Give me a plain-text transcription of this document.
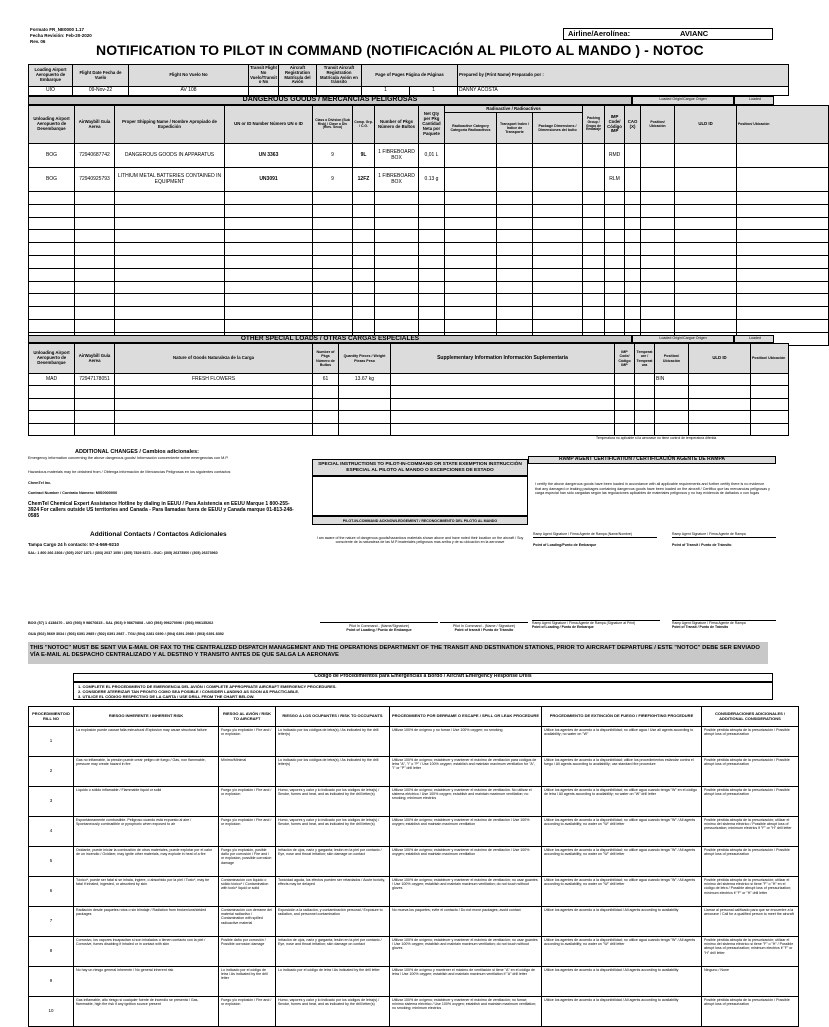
Formato FR_NE0000 1.17
Fecha Revisión: Feb-20-2020
Rev. 06
Airline/Aerolínea:	AVIANC
NOTIFICATION TO PILOT IN COMMAND (NOTIFICACIÓN AL PILOTO AL MANDO ) - NOTOC
Loading Airport Aeropuerto de Embarque	Flight Date Fecha de Vuelo	Flight No Vuelo No	Transit Flight No Vuelo/Transito No	Aircraft Registration Matrícula del Avión	Transit Aircraft Registration Matrícula Avión en tránsito	Page of Pages Página de Páginas		Prepared by (Print Name) Preparado por :
UIO	09-Nov-22	AV 108				1	1	DANNY ACOSTA
DANGEROUS GOODS / MERCANCIAS PELIGROSAS	Loaded Origin/Cargue Origen	Loaded
Unloading Airport Aeropuerto de Desembarque	AirWaybill Guía Aerea	Proper Shipping Name / Nombre Apropiado de Expedición	UN or ID Number Número UN o ID	Class o Division (Sub Risk) / Clase o Div (Ries. Secu)	Comp. Grp. / C.G.	Number of Pkgs Número de Bultos	Net Qty per Pkg Cantidad Neta por Paquete	Radioactive / Radioactivos			Packing Group / Grupo de Embalaje	IMP Code/ Código IMP	CAO (X)	Position/ Ubicación	ULD ID	Position/ Ubicación
								Radioactive Category Categoría Radioactivos	Transport Index / Índice de Transporte	Package Dimensions / Dimensiones del bulto						
BOG	72940687742	DANGEROUS GOODS IN APPARATUS	UN 3363	9	9L	1 FIBREBOARD BOX	0,01 L					RMD				
BOG	72940925793	LITHIUM METAL BATTERIES CONTAINED IN EQUIPMENT	UN3091	9	12FZ	1 FIBREBOARD BOX	0.13 g					RLM				

OTHER SPECIAL LOADS / OTRAS CARGAS ESPECIALES	Loaded Origin/Cargue Origen	Loaded
Unloading Airport Aeropuerto de Desembarque	AirWaybill Guía Aerea	Nature of Goods Naturaleza de la Carga	Number of Pkgs Número de Bultos	Quantity Pieces / Weight Piezas Peso	Supplementary Information Información Suplementaria	IMP Code/ Código IMP	Temperature / Temperatura	Position/ Ubicación	ULD ID	Position/ Ubicación
MAD	72947178051	FRESH FLOWERS	61	13.67 kg				BIN		

Temperatura no aplicable si la aeronave no tiene control de temperatura diferida
ADDITIONAL CHANGES / Cambios adicionales:
Emergency information concerning the above dangerous goods/ Información concerniente sobre emergencias con M.P.
Hazardous materials may be obtained from / Obtenga información de Mercancías Peligrosas en los siguientes contactos
ChemTel Inc.
Contract Number / Contrato Número: MIS0000000
ChemTel Chemical Expert Assistance Hotline by dialing in EEUU / Para Asistencia en EEUU Marque 1 800-255-3924 For callers outside US territories and Canada - Para llamadas fuera de EEUU y Canada marque 01-813-248-0585
Additional Contacts / Contactos Adicionales
Tampa Cargo 24 h contacto: 57-4-569-9210
SAL: 1 800 266 2308 / (305) 2027 1871 / (303) 2037 1050 / (305) 7829 8372 - GUC: (305) 26373500 / (305) 26373960
SPECIAL INSTRUCTIONS TO PILOT-IN-COMMAND OR STATE EXEMPTION INSTRUCCIÓN ESPECIAL AL PILOTO AL MANDO O EXCEPCIONES DE ESTADO
PILOT-IN-COMMAND ACKNOWLEDGEMENT / RECONOCIMIENTO DEL PILOTO AL MANDO
I am aware of the nature of dangerous goods/hazardous materials shown above and have noted their location on the aircraft / Soy consciente de la naturaleza de las M.P./materiales peligrosos mas arriba y de su ubicación en la aeronave
RAMP AGENT CERTIFICATION / CERTIFICACIÓN AGENTE DE RAMPA
I certify the above dangerous goods have been loaded in accordance with all applicable requirements and further certify there is no evidence that any damaged or leaking packages containing dangerous goods have been loaded on the aircraft / Certifico que las mercancías peligrosas y carga especial han sido cargadas según las regulaciones aplicables de materiales peligrosos y no hay evidencia de dañados o con fugas
Ramp Agent Signature / Firma Agente de Rampa (Name/Nombre)
Point of Loading/Punto de Embarque
Ramp Agent Signature / Firma Agente de Rampa
Point of Transit / Punto de Tránsito
BOG (57) 1 4138470 - UIO (593) 9 98670815 - SAL (503) 9 98670808 - UIO (593) 996270096 / (593) 996135262
GUA (502) 5669 3034 / (503) 6391 2985 / (502) 6391 2987 - TGU (504) 2281 0390 / (504) 6391 2985 / (503) 6391 8392
Pilot In Command - (Name/Signature)
Point of Loading / Punto de Embarque
Pilot In Command - (Name / Signature)
Point of transit / Punto de Tránsito
Ramp Agent Signature / Firma Agente de Rampa (Signature at Print)
Point of Loading / Punto de Embarque
Ramp Agent Signature / Firma Agente de Rampa
Point of Transit / Punto de Tránsito
THIS "NOTOC" MUST BE SENT VIA E-MAIL OR FAX TO THE CENTRALIZED DISPATCH MANAGEMENT AND THE OPERATIONS DEPARTMENT OF THE TRANSIT AND DESTINATION STATIONS, PRIOR TO AIRCRAFT DEPARTURE / ESTE "NOTOC" DEBE SER ENVIADO VÍA E-MAIL AL DESPACHO CENTRALIZADO Y AL DESTINO Y TRANSITO ANTES DE QUE SALGA LA AERONAVE
Código de Procedimientos para Emergencias a Bordo / Aircraft Emergency Response Drills
1. COMPLETE EL PROCEDIMIENTO DE EMERGENCIA DEL AVIÓN / COMPLETE APPROPRIATE AIRCRAFT EMERGENCY PROCEDURES.
2. CONSIDERE ATERRIZAR TAN PRONTO COMO SEA POSIBLE / CONSIDER LANDING AS SOON AS PRACTICABLE.
3. UTILICE EL CÓDIGO RESPECTIVO DE LA CARTA / USE DRILL FROM THE CHART BELOW.
PROCEDIMIENTO/DRILL NO	RIESGO INHERENTE / INHERENT RISK	RIESGO AL AVIÓN / RISK TO AIRCRAFT	RIESGO A LOS OCUPANTES / RISK TO OCCUPANTS	PROCEDIMIENTO POR DERRAME O ESCAPE / SPILL OR LEAK PROCEDURE	PROCEDIMIENTO DE EXTINCIÓN DE FUEGO / FIREFIGHTING PROCEDURE	CONSIDERACIONES ADICIONALES / ADDITIONAL CONSIDERATIONS
1	La explosión puede causar falla estructural /Explosion may cause structural failure	Fuego y/o explosión / Fire and / or explosion	Lo indicado por los códigos de letra(s) / As indicated by the drill letter(s)	Utilizar 100% de oxígeno y no fumar / Use 100% oxygen; no smoking	Utilice los agentes de acuerdo a la disponibilidad; no utilice agua / Use all agents according to availability; no water on "W"	Posible pérdida abrupta de la presurización / Possible abrupt loss of pressurization
2	Gas no inflamable, la presión puede crear peligro de fuego / Gas, non flammable, pressure may create hazard in fire	Mínimo/Minimal	Lo indicado por los códigos de letra(s) / As indicated by the drill letter(s)	Utilizar 100% de oxígeno; establecer y mantener el máximo de ventilación para códigos de letra "A", "i" o "P" / Use 100% oxygen; establish and maintain maximum ventilation for "A", "i" or "P" drill letter	Utilice los agentes de acuerdo a la disponibilidad; utilice los procedimientos estándar contra el fuego / All agents according to availability; use standard fire procedure	Posible pérdida abrupta de la presurización / Possible abrupt loss of pressurization
3	Líquido o sólido inflamable / Flammable liquid or solid	Fuego y/o explosión / Fire and / or explosion	Humo, vapores y calor y lo indicado por los códigos de letra(s) / Smoke, fumes and heat, and as indicated by the drill letter(s)	Utilizar 100% de oxígeno; establecer y mantener el máximo de ventilación. No utilizar el sistema eléctrico / Use 100% oxygen; establish and maintain maximum ventilation; no smoking; minimum electrics	Utilice los agentes de acuerdo a la disponibilidad; no utilice agua cuando tenga "W" en el código de letra / All agents according to availability; no water on "W" drill letter	Posible pérdida abrupta de la presurización / Possible abrupt loss of pressurization
4	Espontáneamente combustible. Peligroso cuando está expuesto al aire / Spontaneously combustible or pyrophoric when exposed to air	Fuego y/o explosión / Fire and / or explosion	Humo, vapores y calor y lo indicado por los códigos de letra(s) / Smoke, fumes and heat, and as indicated by the drill letter(s)	Utilizar 100% de oxígeno; establecer y mantener el máximo de ventilación / Use 100% oxygen; establish and maintain maximum ventilation	Utilice los agentes de acuerdo a la disponibilidad; no utilice agua cuando tenga "W" / All agents according to availability; no water on "W" drill letter	Posible pérdida abrupta de la presurización; utilizar el mínimo del sistema eléctrico / Possible abrupt loss of pressurization; minimum electrics if "F" or "H" drill letter
5	Oxidante, puede iniciar la combustión de otros materiales, puede explotar por el calor de un incendio / Oxidizer, may ignite other materials, may explode in heat of a fire	Fuego y/o explosión, posible daño por corrosión / Fire and / or explosion, possible corrosion damage	Irritación de ojos, nariz y garganta; lesión en la piel por contacto / Eye, nose and throat irritation; skin damage on contact	Utilizar 100% de oxígeno; establecer y mantener el máximo de ventilación / Use 100% oxygen; establish and maintain maximum ventilation	Utilice los agentes de acuerdo a la disponibilidad; no utilice agua cuando tenga "W" / All agents according to availability; no water on "W" drill letter	Posible pérdida abrupta de la presurización / Possible abrupt loss of pressurization
6	Tóxico*, puede ser fatal si se inhala, ingiere, o absorbido por la piel / Toxic*, may be fatal if inhaled, ingested, or absorbed by skin	Contaminación con líquido o sólido tóxico* / Contamination with toxic* liquid or solid	Toxicidad aguda, los efectos pueden ser retardados / Acute toxicity, effects may be delayed	Utilizar 100% de oxígeno; establecer y mantener el máximo de ventilación; no usar guantes / Use 100% oxygen; establish and maintain maximum ventilation; do not touch without gloves	Utilice los agentes de acuerdo a la disponibilidad; no utilice agua cuando tenga "W" / All agents according to availability; no water on "W" drill letter	Posible pérdida abrupta de la presurización; utilizar el mínimo del sistema eléctrico si tiene "F" o "H" en el código de letra / Possible abrupt loss of pressurization; minimum electrics if "F" or "H" drill letter
7	Radiación desde paquetes rotos o sin blindaje / Radiation from broken/unshielded packages	Contaminación con derrame del material radiactivo / Contamination with spilled radioactive material	Exposición a la radiación, y contaminación personal / Exposure to radiation, and personnel contamination	No mueva los paquetes; evite el contacto / Do not move packages; avoid contact	Utilice los agentes de acuerdo a la disponibilidad / All agents according to availability	Llamar al personal calificado para que se encuentre a la aeronave / Call for a qualified person to meet the aircraft
8	Corrosivo, los vapores incapacitan si son inhalados o tienen contacto con la piel / Corrosive, fumes disabling if inhaled or in contact with skin	Posible daño por corrosión / Possible corrosion damage	Irritación de ojos, nariz y garganta; lesión en la piel por contacto / Eye, nose and throat irritation; skin damage on contact	Utilizar 100% de oxígeno; establecer y mantener el máximo de ventilación; no usar guantes / Use 100% oxygen; establish and maintain maximum ventilation; do not touch without gloves	Utilice los agentes de acuerdo a la disponibilidad; no utilice agua cuando tenga "W" / All agents according to availability; no water on "W" drill letter	Posible pérdida abrupta de la presurización; utilizar el mínimo del sistema eléctrico si tiene "F" o "H" / Possible abrupt loss of pressurization; minimum electrics if "F" or "H" drill letter
9	No hay un riesgo general inherente / No general inherent risk	Lo indicado por el código de letra / As indicated by the drill letter	Lo indicado por el código de letra / As indicated by the drill letter	Utilizar 100% de oxígeno y mantener el máximo de ventilación si tiene "A" en el código de letra / Use 100% oxygen; establish and maintain maximum ventilation if "A" drill letter	Utilice los agentes de acuerdo a la disponibilidad / All agents according to availability	Ninguno / None
10	Gas inflamable, alto riesgo si cualquier fuente de incendio se presenta / Gas, flammable, high fire risk if any ignition source present	Fuego y/o explosión / Fire and / or explosion	Humo, vapores y calor y lo indicado por los códigos de letra(s) / Smoke, fumes and heat, and as indicated by the drill letter(s)	Utilizar 100% de oxígeno; establecer y mantener el máximo de ventilación; no fumar; mínimo sistema eléctrico / Use 100% oxygen; establish and maintain maximum ventilation; no smoking; minimum electrics	Utilice los agentes de acuerdo a la disponibilidad / All agents according to availability	Posible pérdida abrupta de la presurización / Possible abrupt loss of pressurization
